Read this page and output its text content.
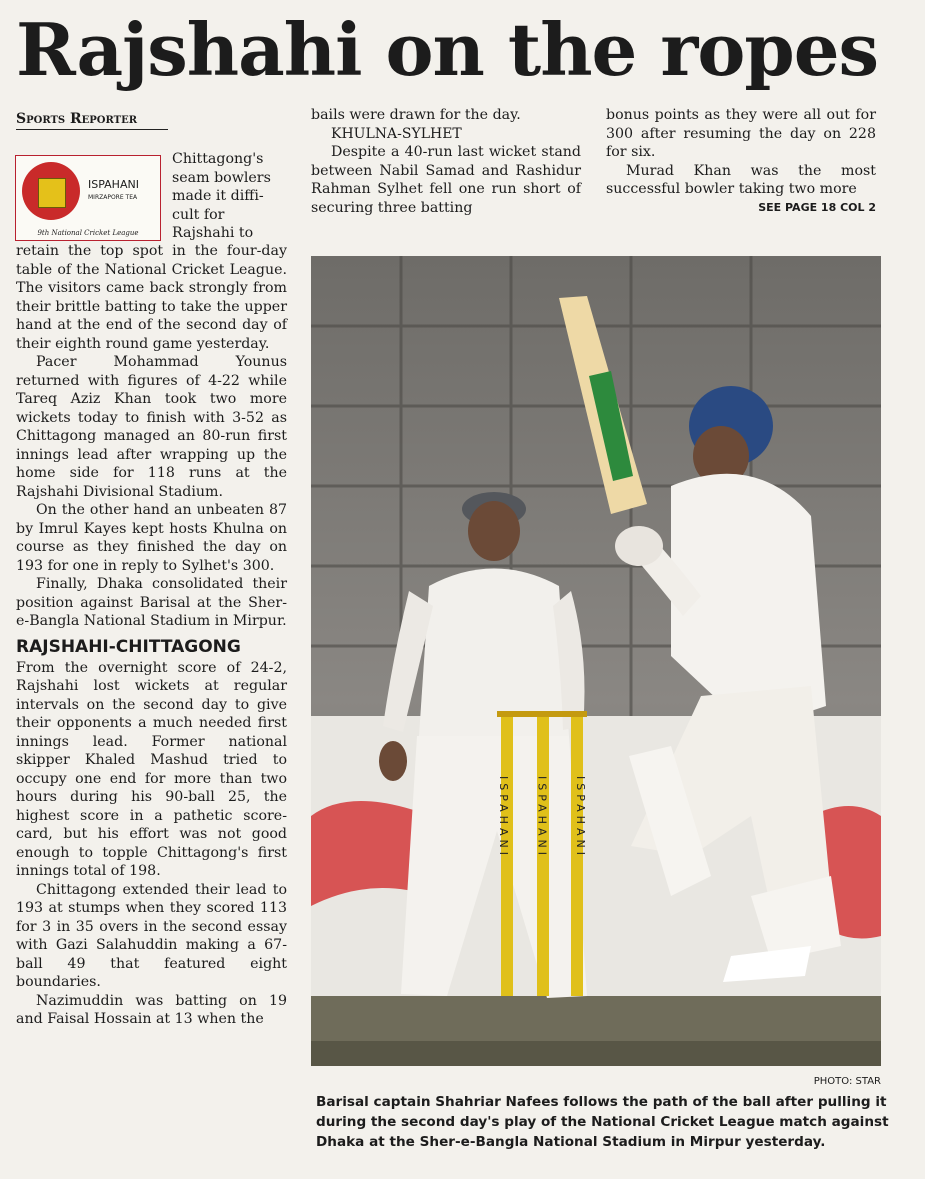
Rajshahi on the ropes
Sports Reporter
ISPAHANI
MIRZAPORE TEA
9th National Cricket League
Chittagong's
seam bowlers
made it diffi-
cult for
Rajshahi to

retain the top spot in the four-day table of the National Cricket League. The visitors came back strongly from their brittle batting to take the upper hand at the end of the second day of their eighth round game yesterday.

Pacer Mohammad Younus returned with figures of 4-22 while Tareq Aziz Khan took two more wickets today to finish with 3-52 as Chittagong managed an 80-run first innings lead after wrapping up the home side for 118 runs at the Rajshahi Divisional Stadium.

On the other hand an unbeaten 87 by Imrul Kayes kept hosts Khulna on course as they finished the day on 193 for one in reply to Sylhet's 300.

Finally, Dhaka consolidated their position against Barisal at the Sher-e-Bangla National Stadium in Mirpur.

RAJSHAHI-CHITTAGONG

From the overnight score of 24-2, Rajshahi lost wickets at regular intervals on the second day to give their opponents a much needed first innings lead. Former national skipper Khaled Mashud tried to occupy one end for more than two hours during his 90-ball 25, the highest score in a pathetic score-card, but his effort was not good enough to topple Chittagong's first innings total of 198.

Chittagong extended their lead to 193 at stumps when they scored 113 for 3 in 35 overs in the second essay with Gazi Salahuddin making a 67-ball 49 that featured eight boundaries.

Nazimuddin was batting on 19 and Faisal Hossain at 13 when the

bails were drawn for the day.

KHULNA-SYLHET

Despite a 40-run last wicket stand between Nabil Samad and Rashidur Rahman Sylhet fell one run short of securing three batting

bonus points as they were all out for 300 after resuming the day on 228 for six.

Murad Khan was the most successful bowler taking two more

SEE PAGE 18 COL 2
ISPAHANI ISPAHANI ISPAHANI
PHOTO: STAR
Barisal captain Shahriar Nafees follows the path of the ball after pulling it during the second day's play of the National Cricket League match against Dhaka at the Sher-e-Bangla National Stadium in Mirpur yesterday.
